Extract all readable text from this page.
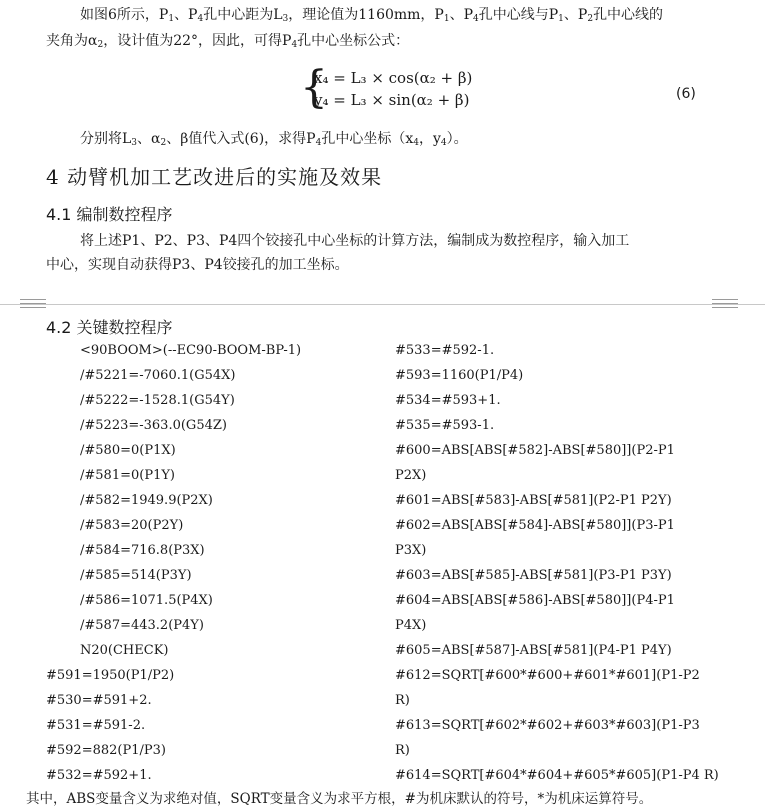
如图6所示，$P_1$、$P_4$孔中心距为$L_3$，理论值为1160mm，$P_1$、$P_4$孔中心线与$P_1$、$P_2$孔中心线的
夹角为$\alpha_2$，设计值为22°，因此，可得$P_4$孔中心坐标公式：
{
x₄ = L₃ × cos(α₂ + β)
y₄ = L₃ × sin(α₂ + β)	(6)
分别将$L_3$、$\alpha_2$、β值代入式(6)，求得$P_4$孔中心坐标（$x_4$，$y_4$）。
4 动臂机加工艺改进后的实施及效果
4.1 编制数控程序
将上述P1、P2、P3、P4四个铰接孔中心坐标的计算方法，编制成为数控程序，输入加工
中心，实现自动获得P3、P4铰接孔的加工坐标。
4.2 关键数控程序
<90BOOM>(--EC90-BOOM-BP-1)
/#5221=-7060.1(G54X)
/#5222=-1528.1(G54Y)
/#5223=-363.0(G54Z)
/#580=0(P1X)
/#581=0(P1Y)
/#582=1949.9(P2X)
/#583=20(P2Y)
/#584=716.8(P3X)
/#585=514(P3Y)
/#586=1071.5(P4X)
/#587=443.2(P4Y)
N20(CHECK)
#591=1950(P1/P2)
#530=#591+2.
#531=#591-2.
#592=882(P1/P3)
#532=#592+1.
#533=#592-1.
#593=1160(P1/P4)
#534=#593+1.
#535=#593-1.
#600=ABS[ABS[#582]-ABS[#580]](P2-P1
P2X)
#601=ABS[#583]-ABS[#581](P2-P1 P2Y)
#602=ABS[ABS[#584]-ABS[#580]](P3-P1
P3X)
#603=ABS[#585]-ABS[#581](P3-P1 P3Y)
#604=ABS[ABS[#586]-ABS[#580]](P4-P1
P4X)
#605=ABS[#587]-ABS[#581](P4-P1 P4Y)
#612=SQRT[#600*#600+#601*#601](P1-P2
R)
#613=SQRT[#602*#602+#603*#603](P1-P3
R)
#614=SQRT[#604*#604+#605*#605](P1-P4 R)
其中，ABS变量含义为求绝对值，SQRT变量含义为求平方根，#为机床默认的符号，*为机床运算符号。
